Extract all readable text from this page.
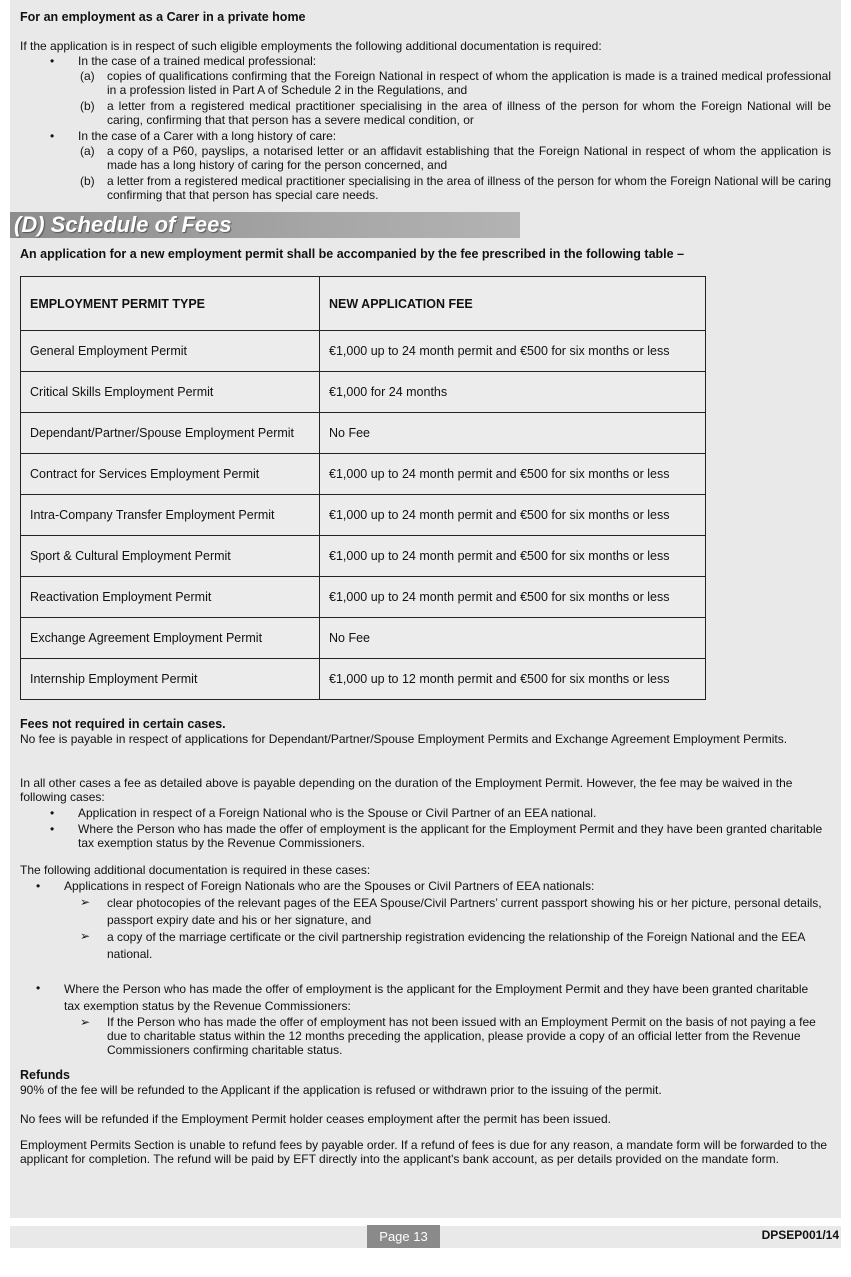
For an employment as a Carer in a private home
If the application is in respect of such eligible employments the following additional documentation is required:
• In the case of a trained medical professional:
(a) copies of qualifications confirming that the Foreign National in respect of whom the application is made is a trained medical professional in a profession listed in Part A of Schedule 2 in the Regulations, and
(b) a letter from a registered medical practitioner specialising in the area of illness of the person for whom the Foreign National will be caring, confirming that that person has a severe medical condition, or
• In the case of a Carer with a long history of care:
(a) a copy of a P60, payslips, a notarised letter or an affidavit establishing that the Foreign National in respect of whom the application is made has a long history of caring for the person concerned, and
(b) a letter from a registered medical practitioner specialising in the area of illness of the person for whom the Foreign National will be caring confirming that that person has special care needs.
(D) Schedule of Fees
An application for a new employment permit shall be accompanied by the fee prescribed in the following table –
EMPLOYMENT PERMIT TYPE	NEW APPLICATION FEE
General Employment Permit	€1,000 up to 24 month permit and €500 for six months or less
Critical Skills Employment Permit	€1,000 for 24 months
Dependant/Partner/Spouse Employment Permit	No Fee
Contract for Services Employment Permit	€1,000 up to 24 month permit and €500 for six months or less
Intra-Company Transfer Employment Permit	€1,000 up to 24 month permit and €500 for six months or less
Sport & Cultural Employment Permit	€1,000 up to 24 month permit and €500 for six months or less
Reactivation Employment Permit	€1,000 up to 24 month permit and €500 for six months or less
Exchange Agreement Employment Permit	No Fee
Internship Employment Permit	€1,000 up to 12 month permit and €500 for six months or less
Fees not required in certain cases.
No fee is payable in respect of applications for Dependant/Partner/Spouse Employment Permits and Exchange Agreement Employment Permits.
In all other cases a fee as detailed above is payable depending on the duration of the Employment Permit. However, the fee may be waived in the following cases:
• Application in respect of a Foreign National who is the Spouse or Civil Partner of an EEA national.
• Where the Person who has made the offer of employment is the applicant for the Employment Permit and they have been granted charitable tax exemption status by the Revenue Commissioners.
The following additional documentation is required in these cases:
• Applications in respect of Foreign Nationals who are the Spouses or Civil Partners of EEA nationals:
➢ clear photocopies of the relevant pages of the EEA Spouse/Civil Partners’ current passport showing his or her picture, personal details, passport expiry date and his or her signature, and
➢ a copy of the marriage certificate or the civil partnership registration evidencing the relationship of the Foreign National and the EEA national.
• Where the Person who has made the offer of employment is the applicant for the Employment Permit and they have been granted charitable tax exemption status by the Revenue Commissioners:
➢ If the Person who has made the offer of employment has not been issued with an Employment Permit on the basis of not paying a fee due to charitable status within the 12 months preceding the application, please provide a copy of an official letter from the Revenue Commissioners confirming charitable status.
Refunds
90% of the fee will be refunded to the Applicant if the application is refused or withdrawn prior to the issuing of the permit.
No fees will be refunded if the Employment Permit holder ceases employment after the permit has been issued.
Employment Permits Section is unable to refund fees by payable order. If a refund of fees is due for any reason, a mandate form will be forwarded to the applicant for completion. The refund will be paid by EFT directly into the applicant's bank account, as per details provided on the mandate form.
Page 13	DPSEP001/14
